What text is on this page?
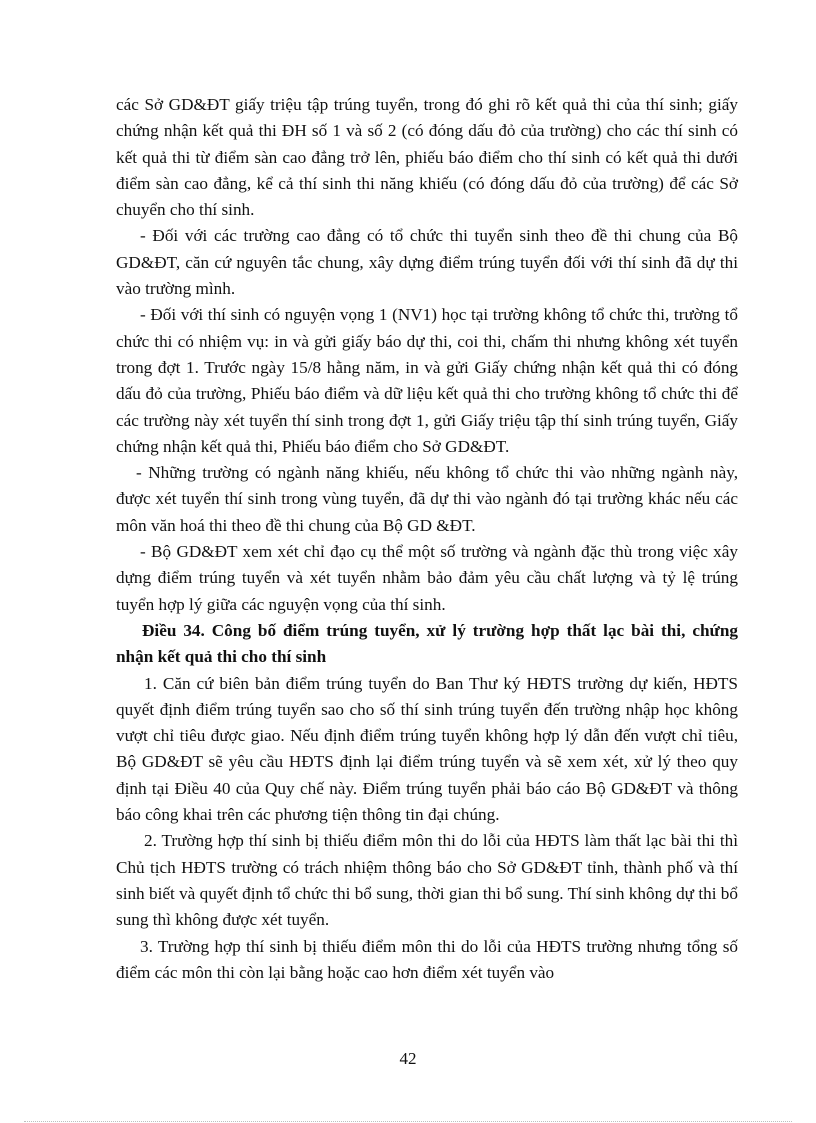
các Sở GD&ĐT giấy triệu tập trúng tuyển, trong đó ghi rõ kết quả thi của thí sinh; giấy chứng nhận kết quả thi ĐH số 1 và số 2 (có đóng dấu đỏ của trường) cho các thí sinh có kết quả thi từ điểm sàn cao đẳng trở lên, phiếu báo điểm cho thí sinh có kết quả thi dưới điểm sàn cao đẳng, kể cả thí sinh thi năng khiếu (có đóng dấu đỏ của trường) để các Sở chuyển cho thí sinh.

- Đối với các trường cao đẳng có tổ chức thi tuyển sinh theo đề thi chung của Bộ GD&ĐT, căn cứ nguyên tắc chung, xây dựng điểm trúng tuyển đối với thí sinh đã dự thi vào trường mình.

- Đối với thí sinh có nguyện vọng 1 (NV1) học tại trường không tổ chức thi, trường tổ chức thi có nhiệm vụ: in và gửi giấy báo dự thi, coi thi, chấm thi nhưng không xét tuyển trong đợt 1. Trước ngày 15/8 hằng năm, in và gửi Giấy chứng nhận kết quả thi có đóng dấu đỏ của trường, Phiếu báo điểm và dữ liệu kết quả thi cho trường không tổ chức thi để các trường này xét tuyển thí sinh trong đợt 1, gửi Giấy triệu tập thí sinh trúng tuyển, Giấy chứng nhận kết quả thi, Phiếu báo điểm cho Sở GD&ĐT.

- Những trường có ngành năng khiếu, nếu không tổ chức thi vào những ngành này, được xét tuyển thí sinh trong vùng tuyển, đã dự thi vào ngành đó tại trường khác nếu các môn văn hoá thi theo đề thi chung của Bộ GD &ĐT.

- Bộ GD&ĐT xem xét chỉ đạo cụ thể một số trường và ngành đặc thù trong việc xây dựng điểm trúng tuyển và xét tuyển nhằm bảo đảm yêu cầu chất lượng và tỷ lệ trúng tuyển hợp lý giữa các nguyện vọng của thí sinh.

Điều 34. Công bố điểm trúng tuyển, xử lý trường hợp thất lạc bài thi, chứng nhận kết quả thi cho thí sinh

1. Căn cứ biên bản điểm trúng tuyển do Ban Thư ký HĐTS trường dự kiến, HĐTS quyết định điểm trúng tuyển sao cho số thí sinh trúng tuyển đến trường nhập học không vượt chỉ tiêu được giao. Nếu định điểm trúng tuyển không hợp lý dẫn đến vượt chỉ tiêu, Bộ GD&ĐT sẽ yêu cầu HĐTS định lại điểm trúng tuyển và sẽ xem xét, xử lý theo quy định tại Điều 40 của Quy chế này. Điểm trúng tuyển phải báo cáo Bộ GD&ĐT và thông báo công khai trên các phương tiện thông tin đại chúng.

2. Trường hợp thí sinh bị thiếu điểm môn thi do lỗi của HĐTS làm thất lạc bài thi thì Chủ tịch HĐTS trường có trách nhiệm thông báo cho Sở GD&ĐT tỉnh, thành phố và thí sinh biết và quyết định tổ chức thi bổ sung, thời gian thi bổ sung. Thí sinh không dự thi bổ sung thì không được xét tuyển.

3. Trường hợp thí sinh bị thiếu điểm môn thi do lỗi của HĐTS trường nhưng tổng số điểm các môn thi còn lại bằng hoặc cao hơn điểm xét tuyển vào

42
